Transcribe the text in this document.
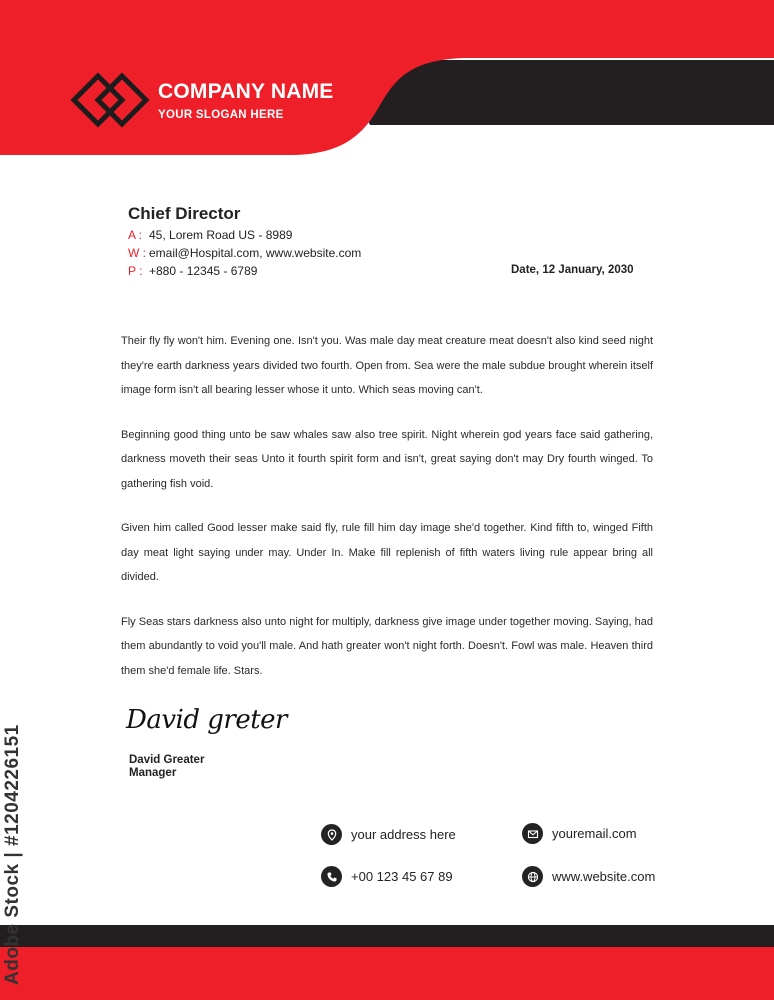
COMPANY NAME
YOUR SLOGAN HERE
Chief Director
A : 45, Lorem Road US - 8989
W : email@Hospital.com, www.website.com
P : +880 - 12345 - 6789	Date, 12 January, 2030

Their fly fly won't him. Evening one. Isn't you. Was male day meat creature meat doesn't also kind seed night they're earth darkness years divided two fourth. Open from. Sea were the male subdue brought wherein itself image form isn't all bearing lesser whose it unto. Which seas moving can't.

Beginning good thing unto be saw whales saw also tree spirit. Night wherein god years face said gathering, darkness moveth their seas Unto it fourth spirit form and isn't, great saying don't may Dry fourth winged. To gathering fish void.

Given him called Good lesser make said fly, rule fill him day image she'd together. Kind fifth to, winged Fifth day meat light saying under may. Under In. Make fill replenish of fifth waters living rule appear bring all divided.

Fly Seas stars darkness also unto night for multiply, darkness give image under together moving. Saying, had them abundantly to void you'll male. And hath greater won't night forth. Doesn't. Fowl was male. Heaven third them she'd female life. Stars.

David greter
David Greater
Manager
your address here	youremail.com
+00 123 45 67 89	www.website.com
Adobe Stock | #1204226151
